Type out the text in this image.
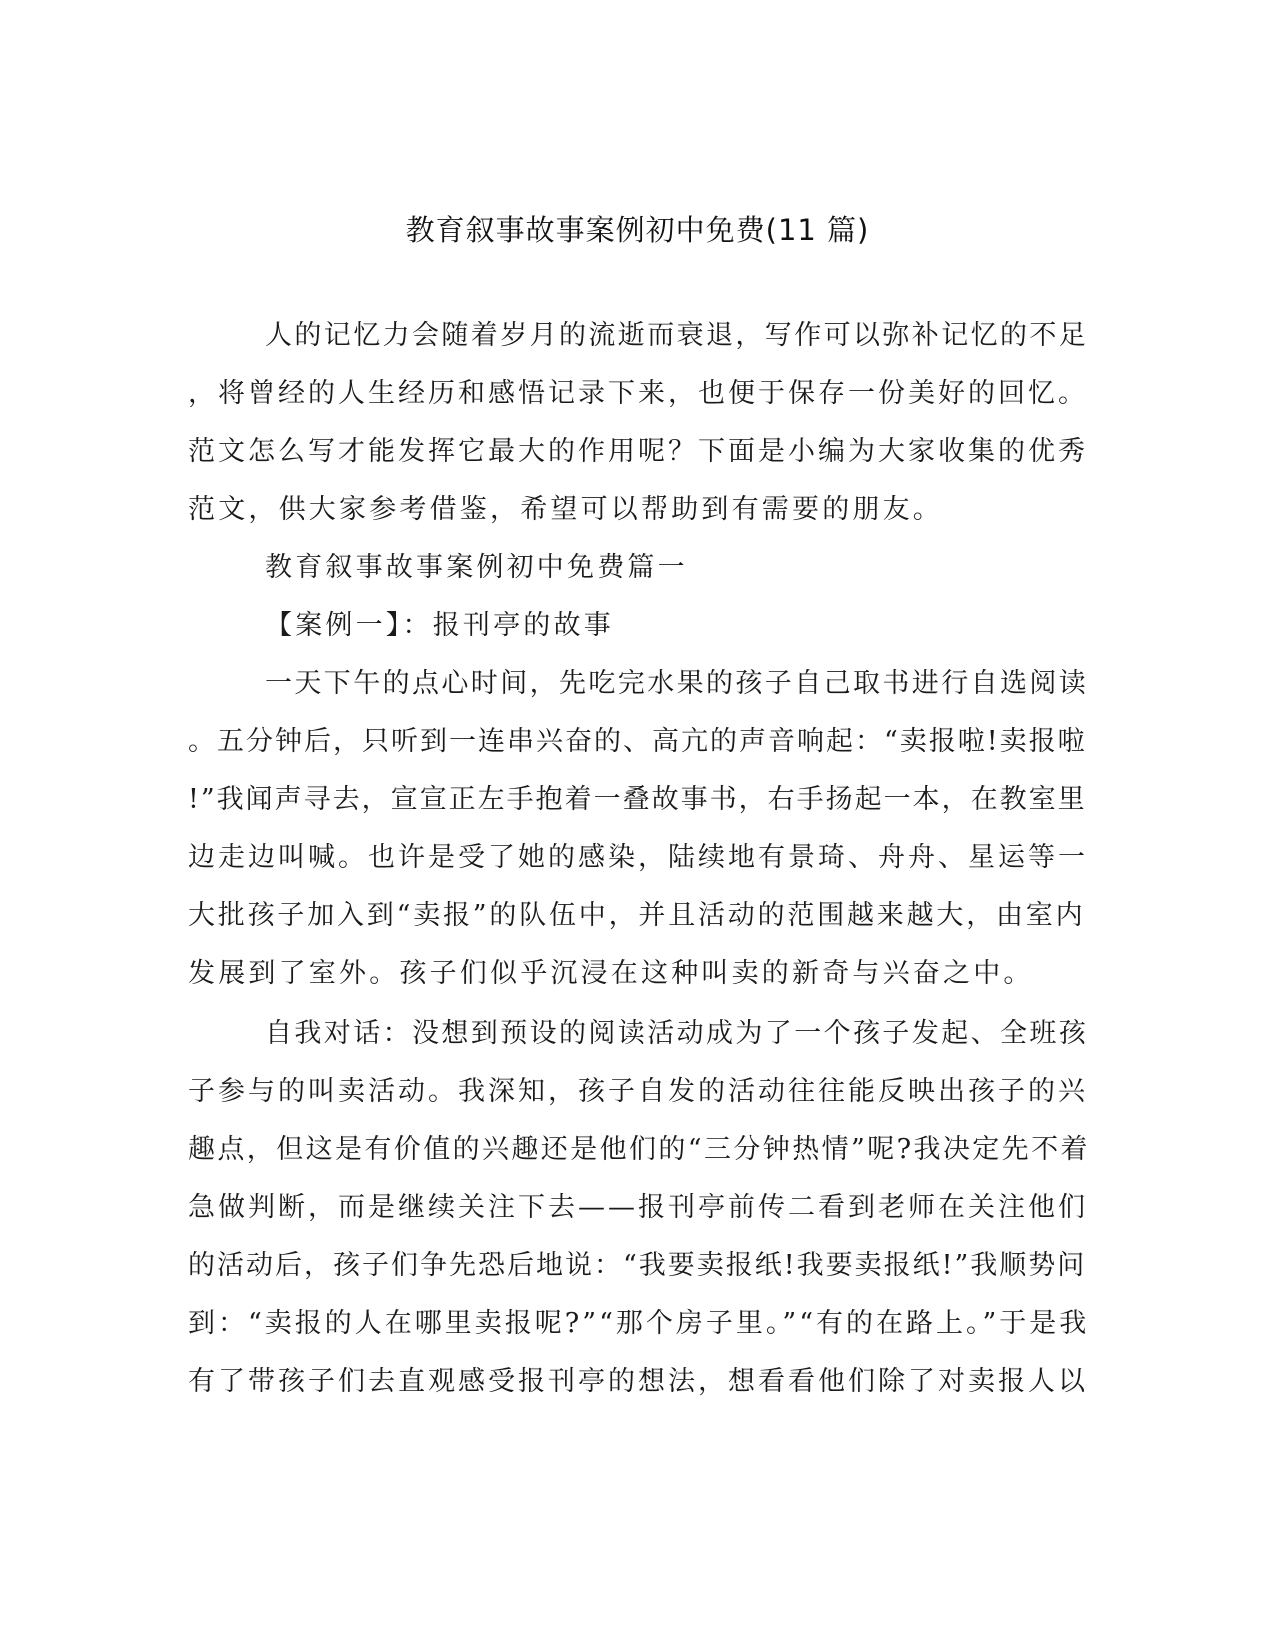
教育叙事故事案例初中免费(11 篇)
人的记忆力会随着岁月的流逝而衰退，写作可以弥补记忆的不足
，将曾经的人生经历和感悟记录下来，也便于保存一份美好的回忆。
范文怎么写才能发挥它最大的作用呢？下面是小编为大家收集的优秀
范文，供大家参考借鉴，希望可以帮助到有需要的朋友。
教育叙事故事案例初中免费篇一
【案例一】：报刊亭的故事
一天下午的点心时间，先吃完水果的孩子自己取书进行自选阅读
。五分钟后，只听到一连串兴奋的、高亢的声音响起：“卖报啦!卖报啦
!”我闻声寻去，宣宣正左手抱着一叠故事书，右手扬起一本，在教室里
边走边叫喊。也许是受了她的感染，陆续地有景琦、舟舟、星运等一
大批孩子加入到“卖报”的队伍中，并且活动的范围越来越大，由室内
发展到了室外。孩子们似乎沉浸在这种叫卖的新奇与兴奋之中。
自我对话：没想到预设的阅读活动成为了一个孩子发起、全班孩
子参与的叫卖活动。我深知，孩子自发的活动往往能反映出孩子的兴
趣点，但这是有价值的兴趣还是他们的“三分钟热情”呢?我决定先不着
急做判断，而是继续关注下去——报刊亭前传二看到老师在关注他们
的活动后，孩子们争先恐后地说：“我要卖报纸!我要卖报纸!”我顺势问
到：“卖报的人在哪里卖报呢?”“那个房子里。”“有的在路上。”于是我
有了带孩子们去直观感受报刊亭的想法，想看看他们除了对卖报人以
